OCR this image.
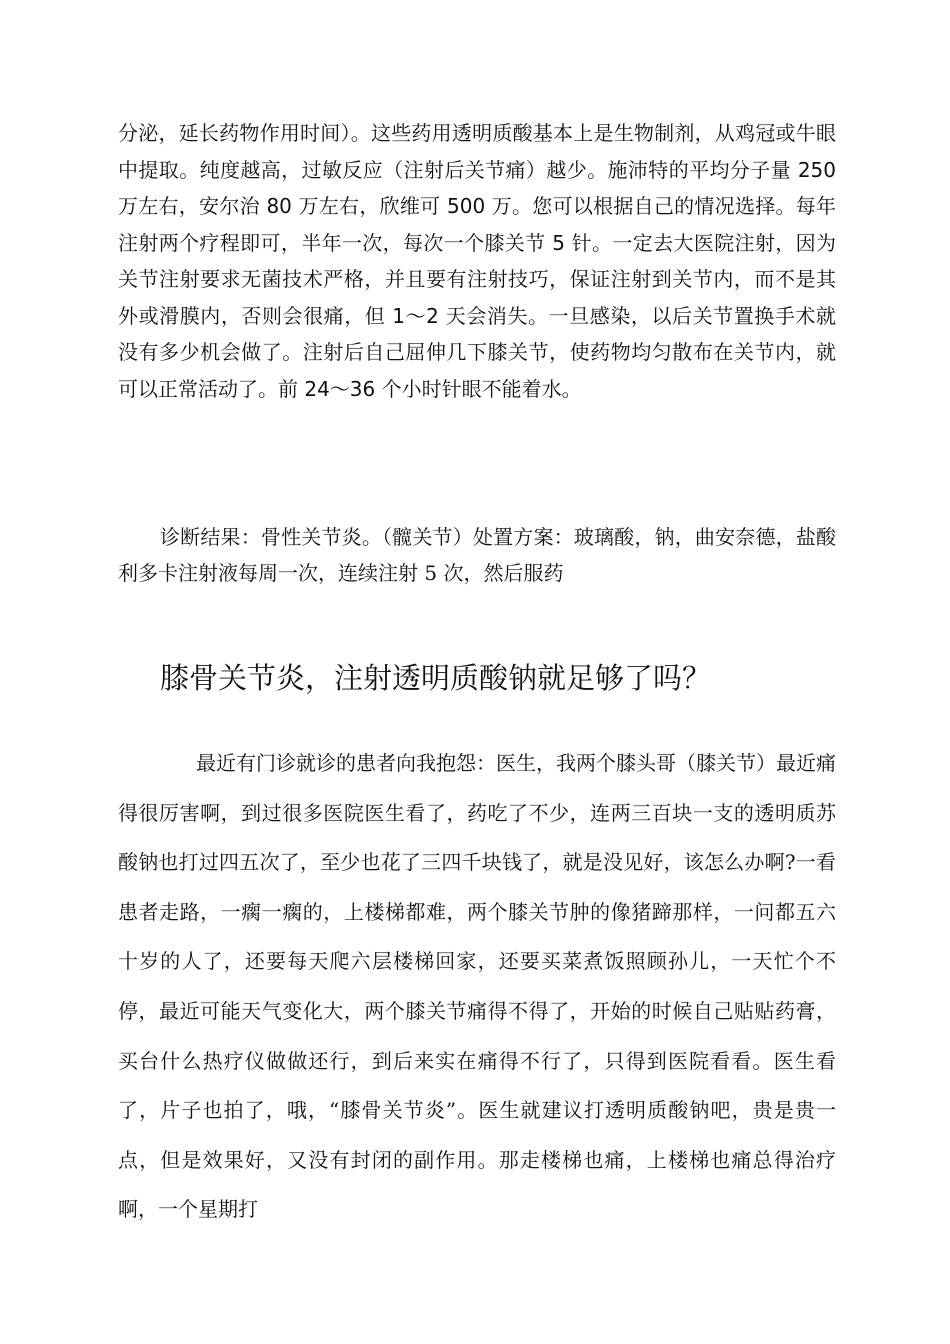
分泌，延长药物作用时间）。这些药用透明质酸基本上是生物制剂，从鸡冠或牛眼中提取。纯度越高，过敏反应（注射后关节痛）越少。施沛特的平均分子量 250 万左右，安尔治 80 万左右，欣维可 500 万。您可以根据自己的情况选择。每年注射两个疗程即可，半年一次，每次一个膝关节 5 针。一定去大医院注射，因为关节注射要求无菌技术严格，并且要有注射技巧，保证注射到关节内，而不是其外或滑膜内，否则会很痛，但 1～2 天会消失。一旦感染，以后关节置换手术就没有多少机会做了。注射后自己屈伸几下膝关节，使药物均匀散布在关节内，就可以正常活动了。前 24～36 个小时针眼不能着水。

诊断结果：骨性关节炎。（髋关节）处置方案：玻璃酸，钠，曲安奈德，盐酸利多卡注射液每周一次，连续注射 5 次，然后服药

膝骨关节炎，注射透明质酸钠就足够了吗？

最近有门诊就诊的患者向我抱怨：医生，我两个膝头哥（膝关节）最近痛得很厉害啊，到过很多医院医生看了，药吃了不少，连两三百块一支的透明质苏酸钠也打过四五次了，至少也花了三四千块钱了，就是没见好，该怎么办啊?一看患者走路，一瘸一瘸的，上楼梯都难，两个膝关节肿的像猪蹄那样，一问都五六十岁的人了，还要每天爬六层楼梯回家，还要买菜煮饭照顾孙儿，一天忙个不停，最近可能天气变化大，两个膝关节痛得不得了，开始的时候自己贴贴药膏，买台什么热疗仪做做还行，到后来实在痛得不行了，只得到医院看看。医生看了，片子也拍了，哦，“膝骨关节炎”。医生就建议打透明质酸钠吧，贵是贵一点，但是效果好，又没有封闭的副作用。那走楼梯也痛，上楼梯也痛总得治疗啊，一个星期打
